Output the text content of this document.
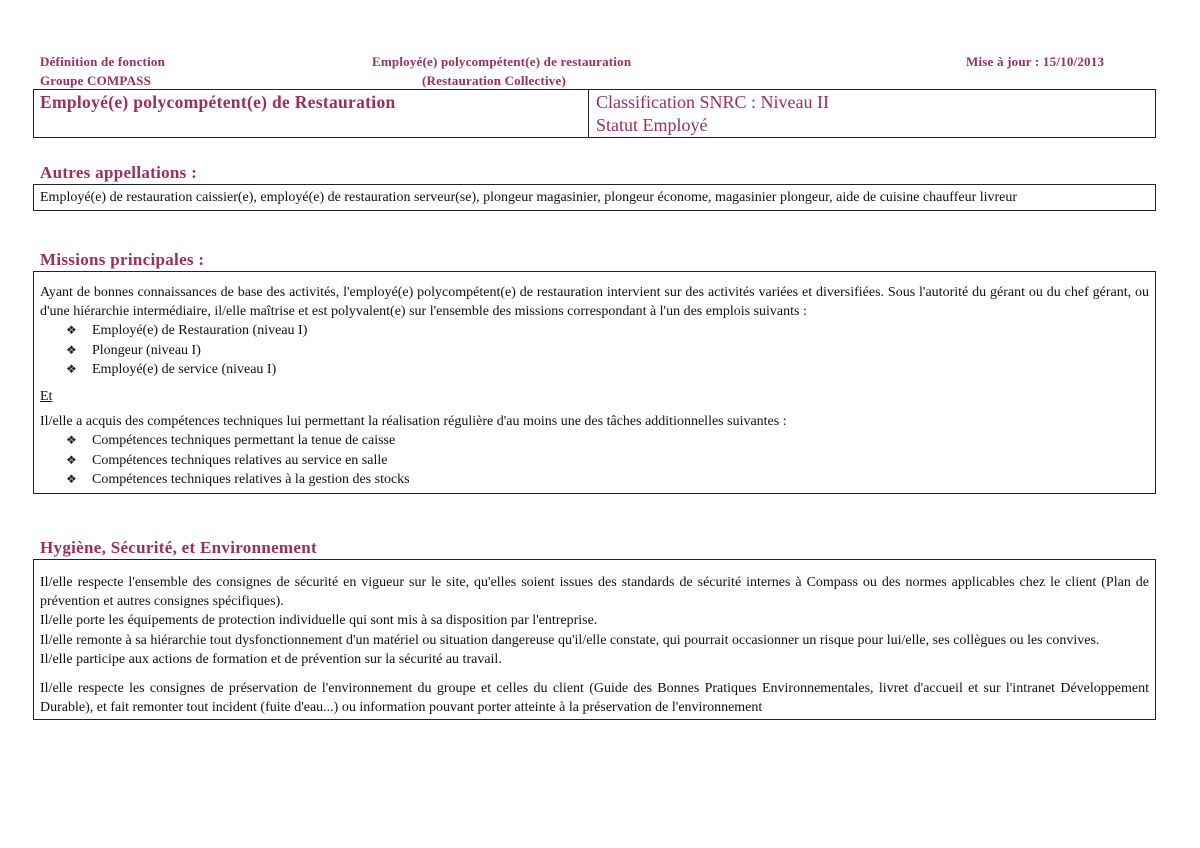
Définition de fonction
Groupe COMPASS
Employé(e) polycompétent(e) de restauration
(Restauration Collective)
Mise à jour : 15/10/2013
Employé(e) polycompétent(e) de Restauration	Classification SNRC : Niveau II
Statut Employé
Autres appellations :

Employé(e) de restauration caissier(e), employé(e) de restauration serveur(se), plongeur magasinier, plongeur économe, magasinier plongeur, aide de cuisine chauffeur livreur

Missions principales :

Ayant de bonnes connaissances de base des activités, l'employé(e) polycompétent(e) de restauration intervient sur des activités variées et diversifiées. Sous l'autorité du gérant ou du chef gérant, ou d'une hiérarchie intermédiaire, il/elle maîtrise et est polyvalent(e) sur l'ensemble des missions correspondant à l'un des emplois suivants :

❖ Employé(e) de Restauration (niveau I)
❖ Plongeur (niveau I)
❖ Employé(e) de service (niveau I)

Et

Il/elle a acquis des compétences techniques lui permettant la réalisation régulière d'au moins une des tâches additionnelles suivantes :

❖ Compétences techniques permettant la tenue de caisse
❖ Compétences techniques relatives au service en salle
❖ Compétences techniques relatives à la gestion des stocks
Hygiène, Sécurité, et Environnement

Il/elle respecte l'ensemble des consignes de sécurité en vigueur sur le site, qu'elles soient issues des standards de sécurité internes à Compass ou des normes applicables chez le client (Plan de prévention et autres consignes spécifiques).

Il/elle porte les équipements de protection individuelle qui sont mis à sa disposition par l'entreprise.

Il/elle remonte à sa hiérarchie tout dysfonctionnement d'un matériel ou situation dangereuse qu'il/elle constate, qui pourrait occasionner un risque pour lui/elle, ses collègues ou les convives.

Il/elle participe aux actions de formation et de prévention sur la sécurité au travail.

Il/elle respecte les consignes de préservation de l'environnement du groupe et celles du client (Guide des Bonnes Pratiques Environnementales, livret d'accueil et sur l'intranet Développement Durable), et fait remonter tout incident (fuite d'eau...) ou information pouvant porter atteinte à la préservation de l'environnement
